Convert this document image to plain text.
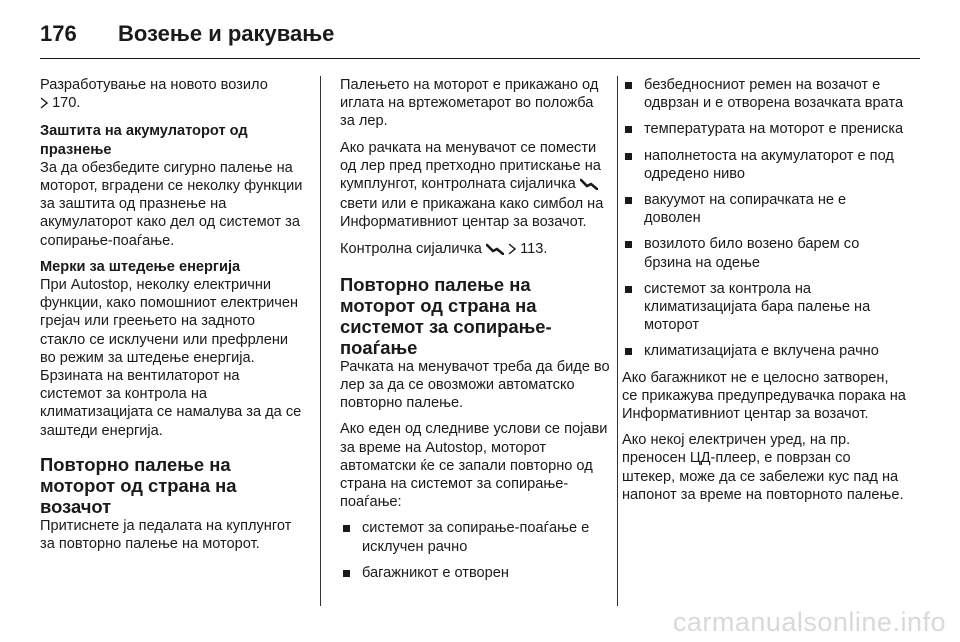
176	Возење и ракување

Разработување на новото возило
170.

Заштита на акумулаторот од празнење

За да обезбедите сигурно палење на моторот, вградени се неколку функции за заштита од празнење на акумулаторот како дел од системот за сопирање-поаѓање.

Мерки за штедење енергија

При Autostop, неколку електрични функции, како помошниот електричен грејач или греењето на задното стакло се исклучени или префрлени во режим за штедење енергија. Брзината на вентилаторот на системот за контрола на климатизацијата се намалува за да се заштеди енергија.

Повторно палење на моторот од страна на возачот

Притиснете ја педалата на куплунгот за повторно палење на моторот.

Палењето на моторот е прикажано од иглата на вртежометарот во положба за лер.

Ако рачката на менувачот се помести од лер пред претходно притискање на кумплунгот, контролната сијаличка  свети или е прикажана како симбол на Информативниот центар за возачот.

Контролна сијаличка	113.

Повторно палење на моторот од страна на системот за сопирање-поаѓање

Рачката на менувачот треба да биде во лер за да се овозможи автоматско повторно палење.

Ако еден од следниве услови се појави за време на Autostop, моторот автоматски ќе се запали повторно од страна на системот за сопирање-поаѓање:

системот за сопирање-поаѓање е исклучен рачно
багажникот е отворен
безбедносниот ремен на возачот е одврзан и е отворена возачката врата
температурата на моторот е прениска
наполнетоста на акумулаторот е под одредено ниво
вакуумот на сопирачката не е доволен
возилото било возено барем со брзина на одење
системот за контрола на климатизацијата бара палење на моторот
климатизацијата е вклучена рачно

Ако багажникот не е целосно затворен, се прикажува предупредувачка порака на Информативниот центар за возачот.

Ако некој електричен уред, на пр. преносен ЦД-плеер, е поврзан со штекер, може да се забележи кус пад на напонот за време на повторното палење.

carmanualsonline.info
